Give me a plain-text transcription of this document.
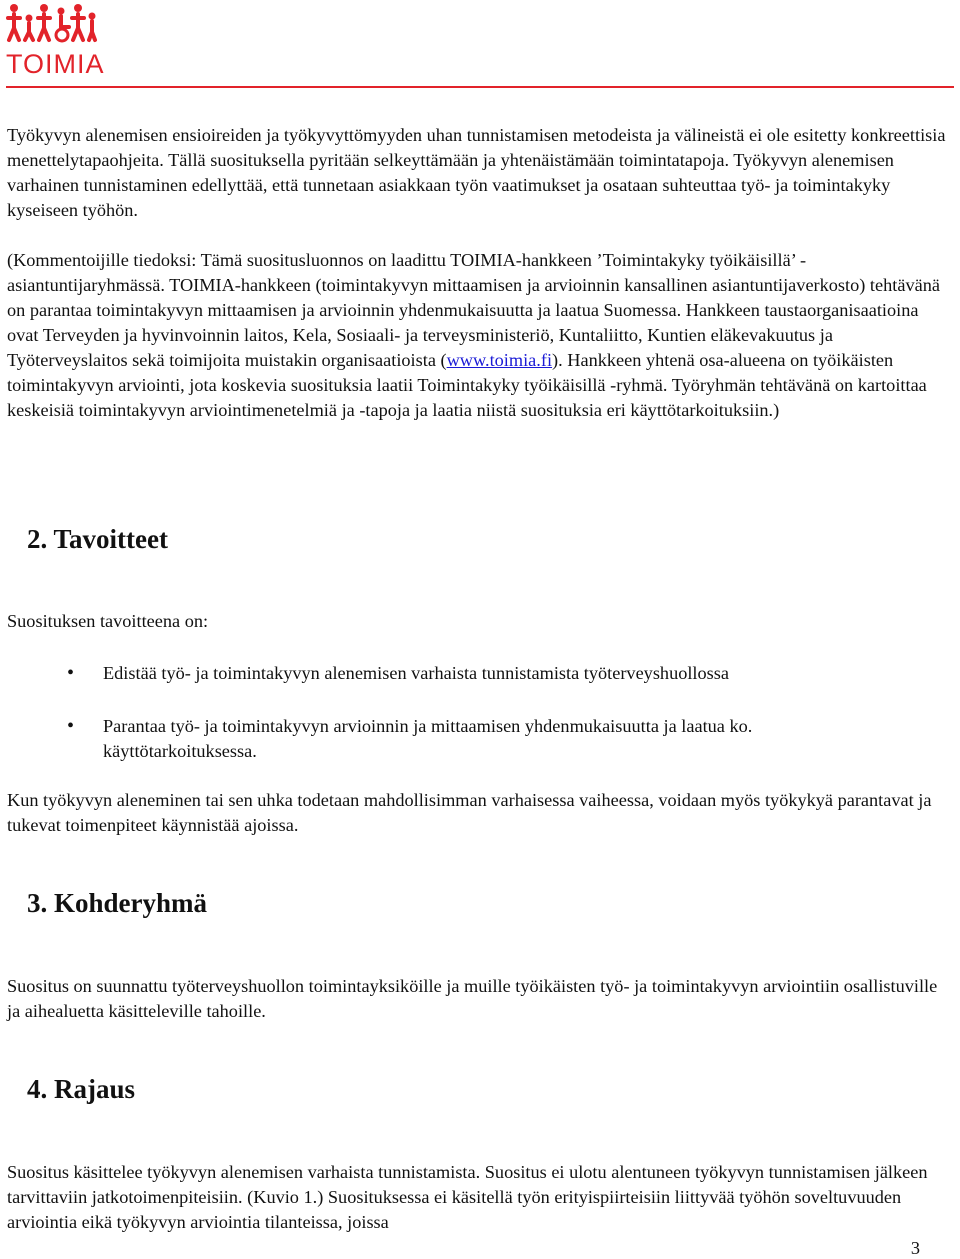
TOIMIA

Työkyvyn alenemisen ensioireiden ja työkyvyttömyyden uhan tunnistamisen metodeista ja välineistä ei ole esitetty konkreettisia menettelytapaohjeita. Tällä suosituksella pyritään selkeyttämään ja yhtenäistämään toimintatapoja. Työkyvyn alenemisen varhainen tunnistaminen edellyttää, että tunnetaan asiakkaan työn vaatimukset ja osataan suhteuttaa työ- ja toimintakyky kyseiseen työhön.

(Kommentoijille tiedoksi: Tämä suositusluonnos on laadittu TOIMIA-hankkeen ’Toimintakyky työikäisillä’ -asiantuntijaryhmässä. TOIMIA-hankkeen (toimintakyvyn mittaamisen ja arvioinnin kansallinen asiantuntijaverkosto) tehtävänä on parantaa toimintakyvyn mittaamisen ja arvioinnin yhdenmukaisuutta ja laatua Suomessa. Hankkeen taustaorganisaatioina ovat Terveyden ja hyvinvoinnin laitos, Kela, Sosiaali- ja terveysministeriö, Kuntaliitto, Kuntien eläkevakuutus ja Työterveyslaitos sekä toimijoita muistakin organisaatioista (www.toimia.fi). Hankkeen yhtenä osa-alueena on työikäisten toimintakyvyn arviointi, jota koskevia suosituksia laatii Toimintakyky työikäisillä -ryhmä. Työryhmän tehtävänä on kartoittaa keskeisiä toimintakyvyn arviointimenetelmiä ja -tapoja ja laatia niistä suosituksia eri käyttötarkoituksiin.)

2. Tavoitteet

Suosituksen tavoitteena on:

• Edistää työ- ja toimintakyvyn alenemisen varhaista tunnistamista työterveyshuollossa

• Parantaa työ- ja toimintakyvyn arvioinnin ja mittaamisen yhdenmukaisuutta ja laatua ko. käyttötarkoituksessa.

Kun työkyvyn aleneminen tai sen uhka todetaan mahdollisimman varhaisessa vaiheessa, voidaan myös työkykyä parantavat ja tukevat toimenpiteet käynnistää ajoissa.

3. Kohderyhmä

Suositus on suunnattu työterveyshuollon toimintayksiköille ja muille työikäisten työ- ja toimintakyvyn arviointiin osallistuville ja aihealuetta käsitteleville tahoille.

4. Rajaus

Suositus käsittelee työkyvyn alenemisen varhaista tunnistamista. Suositus ei ulotu alentuneen työkyvyn tunnistamisen jälkeen tarvittaviin jatkotoimenpiteisiin. (Kuvio 1.) Suosituksessa ei käsitellä työn erityispiirteisiin liittyvää työhön soveltuvuuden arviointia eikä työkyvyn arviointia tilanteissa, joissa

3
